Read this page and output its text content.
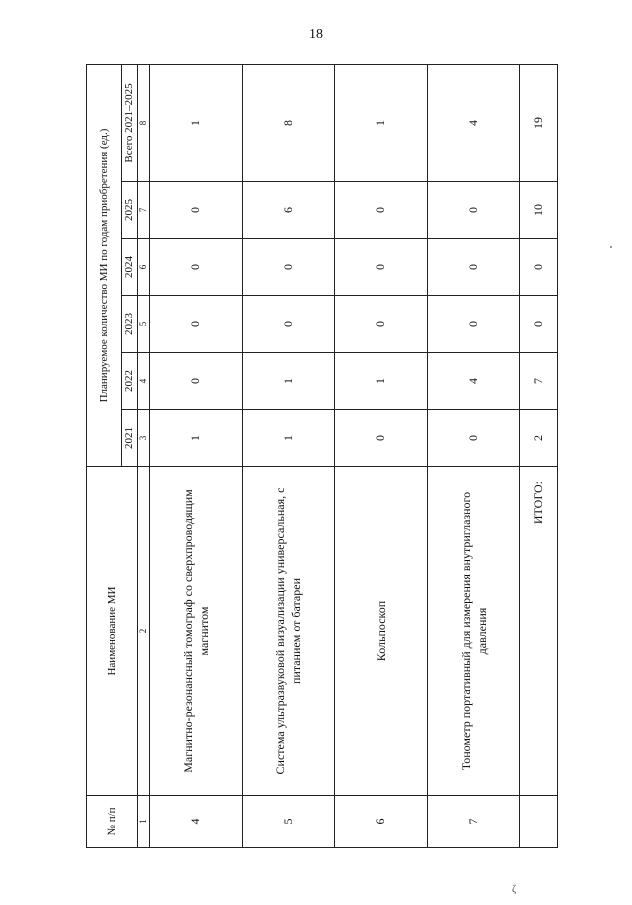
18
№ п/п	Наименование МИ	Планируемое количество МИ по годам приобретения (ед.)					
		2021	2022	2023	2024	2025	Всего 2021–2025
1	2	3	4	5	6	7	8
4	Магнитно-резонансный томограф со сверхпроводящим магнитом	1	0	0	0	0	1
5	Система ультразвуковой визуализации универсальная, с питанием от батареи	1	1	0	0	6	8
6	Кольпоскоп	0	1	0	0	0	1
7	Тонометр портативный для измерения внутриглазного давления	0	4	0	0	0	4
	ИТОГО:	2	7	0	0	10	19
ζ
